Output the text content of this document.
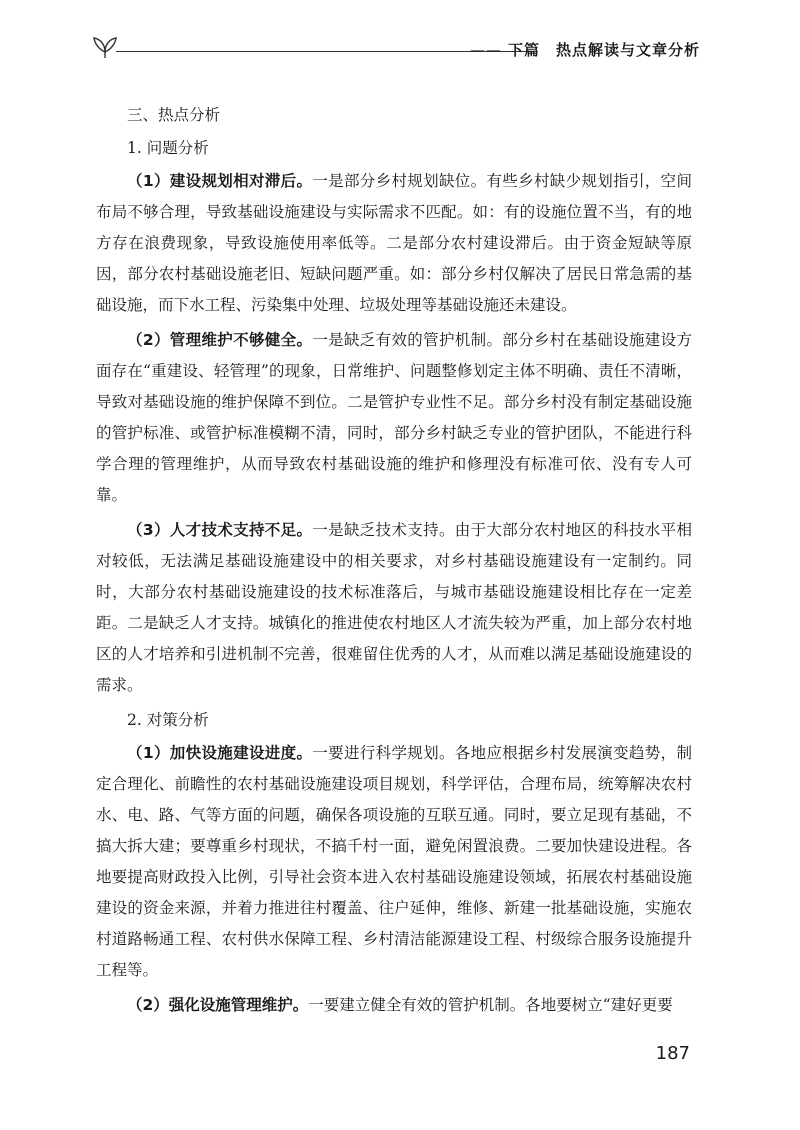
—— 下篇　热点解读与文章分析

三、热点分析

1. 问题分析

（1）建设规划相对滞后。一是部分乡村规划缺位。有些乡村缺少规划指引，空间布局不够合理，导致基础设施建设与实际需求不匹配。如：有的设施位置不当，有的地方存在浪费现象，导致设施使用率低等。二是部分农村建设滞后。由于资金短缺等原因，部分农村基础设施老旧、短缺问题严重。如：部分乡村仅解决了居民日常急需的基础设施，而下水工程、污染集中处理、垃圾处理等基础设施还未建设。

（2）管理维护不够健全。一是缺乏有效的管护机制。部分乡村在基础设施建设方面存在“重建设、轻管理”的现象，日常维护、问题整修划定主体不明确、责任不清晰，导致对基础设施的维护保障不到位。二是管护专业性不足。部分乡村没有制定基础设施的管护标准、或管护标准模糊不清，同时，部分乡村缺乏专业的管护团队，不能进行科学合理的管理维护，从而导致农村基础设施的维护和修理没有标准可依、没有专人可靠。

（3）人才技术支持不足。一是缺乏技术支持。由于大部分农村地区的科技水平相对较低，无法满足基础设施建设中的相关要求，对乡村基础设施建设有一定制约。同时，大部分农村基础设施建设的技术标准落后，与城市基础设施建设相比存在一定差距。二是缺乏人才支持。城镇化的推进使农村地区人才流失较为严重，加上部分农村地区的人才培养和引进机制不完善，很难留住优秀的人才，从而难以满足基础设施建设的需求。

2. 对策分析

（1）加快设施建设进度。一要进行科学规划。各地应根据乡村发展演变趋势，制定合理化、前瞻性的农村基础设施建设项目规划，科学评估，合理布局，统筹解决农村水、电、路、气等方面的问题，确保各项设施的互联互通。同时，要立足现有基础，不搞大拆大建；要尊重乡村现状，不搞千村一面，避免闲置浪费。二要加快建设进程。各地要提高财政投入比例，引导社会资本进入农村基础设施建设领域，拓展农村基础设施建设的资金来源，并着力推进往村覆盖、往户延伸，维修、新建一批基础设施，实施农村道路畅通工程、农村供水保障工程、乡村清洁能源建设工程、村级综合服务设施提升工程等。

（2）强化设施管理维护。一要建立健全有效的管护机制。各地要树立“建好更要

187
